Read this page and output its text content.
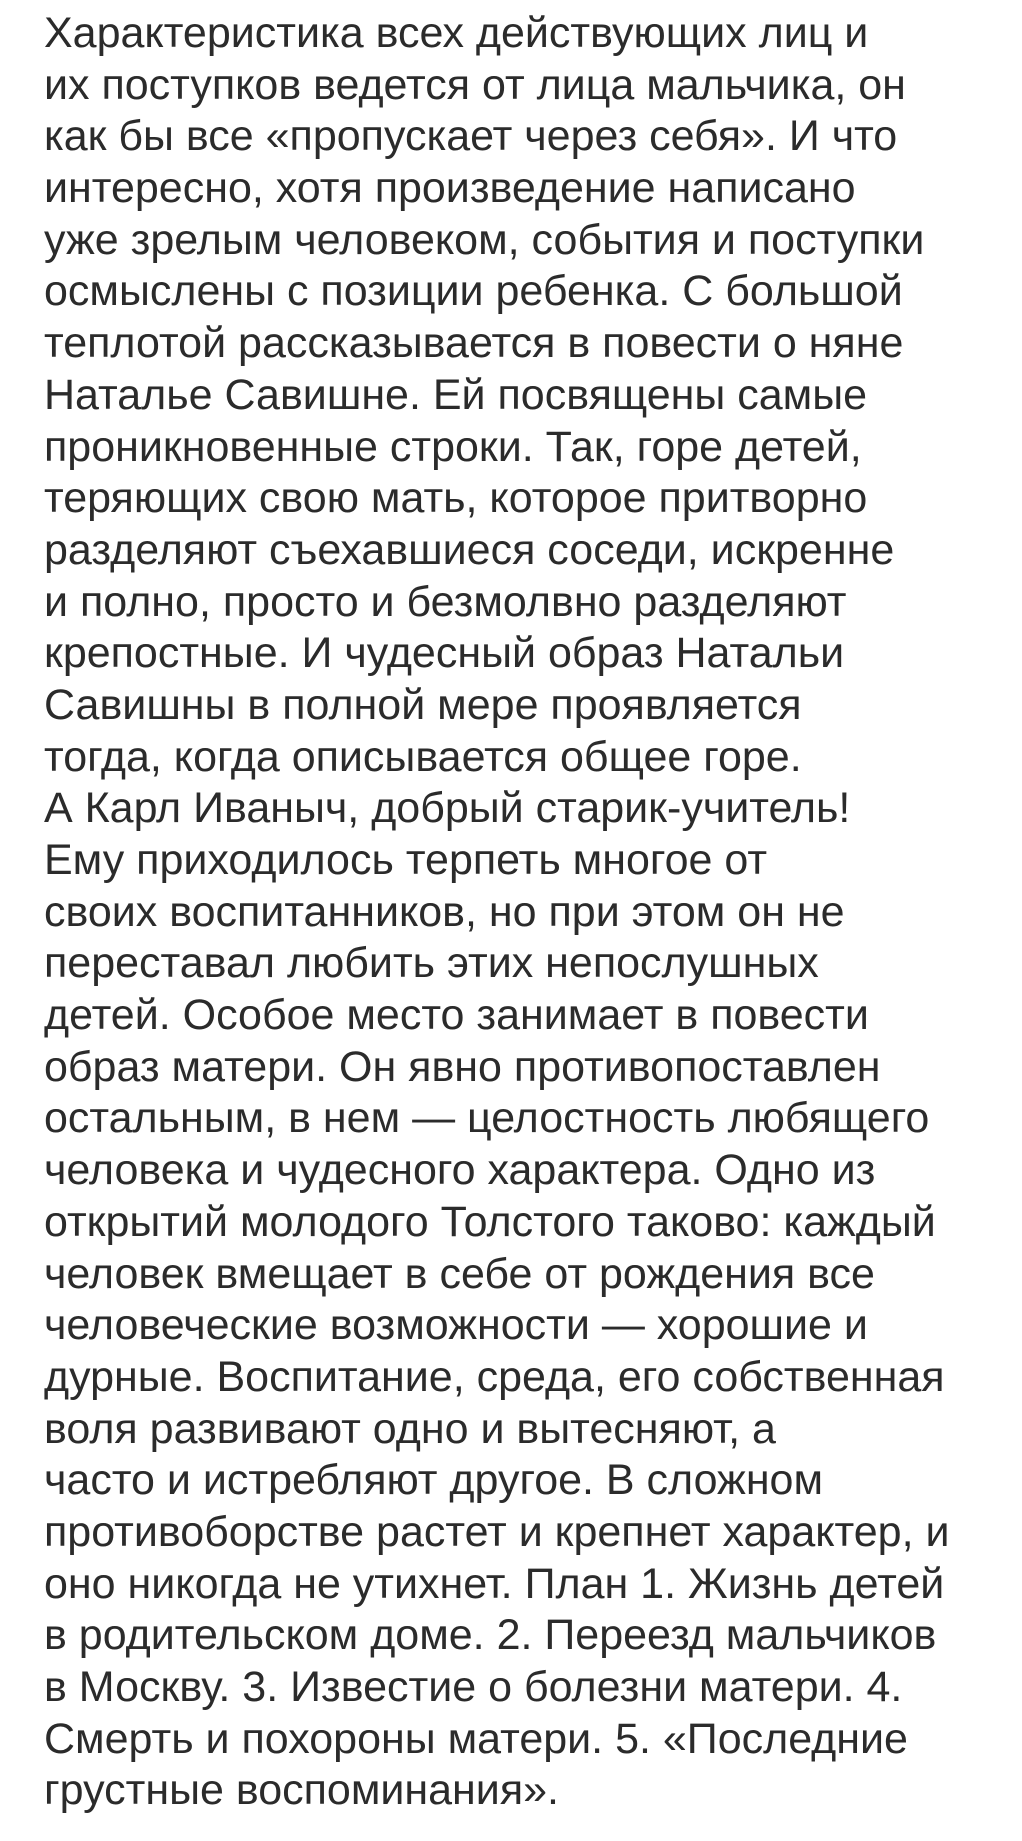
Характеристика всех действующих лиц и
их поступков ведется от лица мальчика, он
как бы все «пропускает через себя». И что
интересно, хотя произведение написано
уже зрелым человеком, события и поступки
осмыслены с позиции ребенка. С большой
теплотой рассказывается в повести о няне
Наталье Савишне. Ей посвящены самые
проникновенные строки. Так, горе детей,
теряющих свою мать, которое притворно
разделяют съехавшиеся соседи, искренне
и полно, просто и безмолвно разделяют
крепостные. И чудесный образ Натальи
Савишны в полной мере проявляется
тогда, когда описывается общее горе.
А Карл Иваныч, добрый старик-учитель!
Ему приходилось терпеть многое от
своих воспитанников, но при этом он не
переставал любить этих непослушных
детей. Особое место занимает в повести
образ матери. Он явно противопоставлен
остальным, в нем — целостность любящего
человека и чудесного характера. Одно из
открытий молодого Толстого таково: каждый
человек вмещает в себе от рождения все
человеческие возможности — хорошие и
дурные. Воспитание, среда, его собственная
воля развивают одно и вытесняют, а
часто и истребляют другое. В сложном
противоборстве растет и крепнет характер, и
оно никогда не утихнет. План 1. Жизнь детей
в родительском доме. 2. Переезд мальчиков
в Москву. 3. Известие о болезни матери. 4.
Смерть и похороны матери. 5. «Последние
грустные воспоминания».
